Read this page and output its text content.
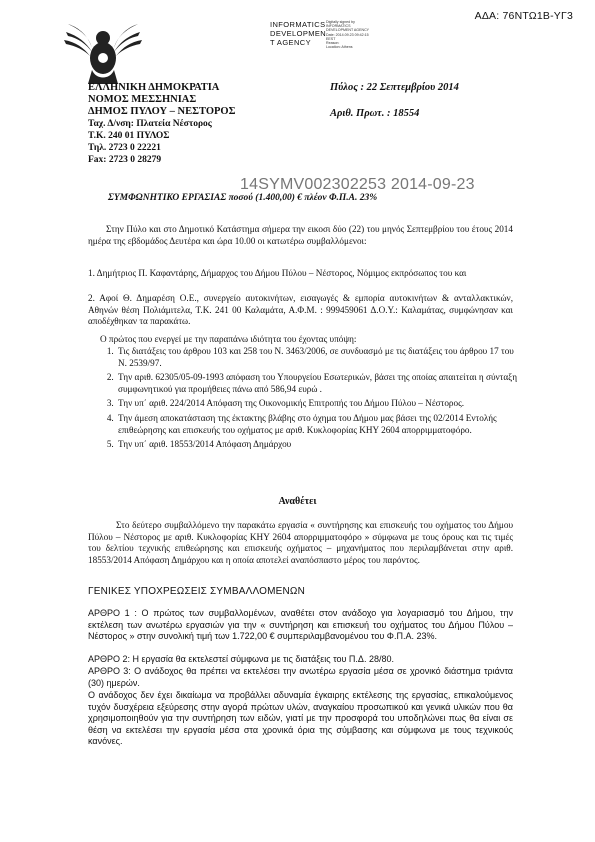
ΑΔΑ: 76ΝΤΩ1Β-ΥΓ3
INFORMATICS
DEVELOPMEN
T AGENCY
Digitally signed by
INFORMATICS
DEVELOPMENT AGENCY
Date: 2014.09.23 09:42:15
EEST
Reason:
Location: Athens
ΕΛΛΗΝΙΚΗ ΔΗΜΟΚΡΑΤΙΑ
ΝΟΜΟΣ ΜΕΣΣΗΝΙΑΣ
ΔΗΜΟΣ ΠΥΛΟΥ – ΝΕΣΤΟΡΟΣ
Ταχ. Δ/νση: Πλατεία Νέστορος
Τ.Κ. 240 01 ΠΥΛΟΣ
Τηλ. 2723 0 22221
Fax: 2723 0 28279
Πύλος : 22 Σεπτεμβρίου 2014
Αριθ. Πρωτ. : 18554
14SYMV002302253 2014-09-23
ΣΥΜΦΩΝΗΤΙΚΟ ΕΡΓΑΣΙΑΣ ποσού (1.400,00) € πλέον Φ.Π.Α. 23%
Στην Πύλο και στο Δημοτικό Κατάστημα σήμερα την εικοσι δύο (22) του μηνός Σεπτεμβρίου του έτους 2014 ημέρα της εβδομάδος Δευτέρα και ώρα 10.00 οι κατωτέρω συμβαλλόμενοι:
1. Δημήτριος Π. Καφαντάρης, Δήμαρχος του Δήμου Πύλου – Νέστορος, Νόμιμος εκπρόσωπος του και
2. Αφοί Θ. Δημαρέση Ο.Ε., συνεργείο αυτοκινήτων, εισαγωγές & εμπορία αυτοκινήτων & ανταλλακτικών, Αθηνών θέση Πολιάμιτελα, Τ.Κ. 241 00 Καλαμάτα, Α.Φ.Μ. : 999459061 Δ.Ο.Υ.: Καλαμάτας, συμφώνησαν και αποδέχθηκαν τα παρακάτω.
Ο πρώτος που ενεργεί με την παραπάνω ιδιότητα του έχοντας υπόψη:
1. Τις διατάξεις του άρθρου 103 και 258 του Ν. 3463/2006, σε συνδυασμό με τις διατάξεις του άρθρου 17 του Ν. 2539/97.
2. Την αριθ. 62305/05-09-1993 απόφαση του Υπουργείου Εσωτερικών, βάσει της οποίας απαιτείται η σύνταξη συμφωνητικού για προμήθειες πάνω από 586,94 ευρώ .
3. Την υπ΄ αριθ. 224/2014 Απόφαση της Οικονομικής Επιτροπής του Δήμου Πύλου – Νέστορος.
4. Την άμεση αποκατάσταση της έκτακτης βλάβης στο όχημα του Δήμου μας βάσει της 02/2014 Εντολής επιθεώρησης και επισκευής του οχήματος με αριθ. Κυκλοφορίας ΚΗΥ 2604 απορριμματοφόρο.
5. Την υπ΄ αριθ. 18553/2014 Απόφαση Δημάρχου
Αναθέτει
Στο δεύτερο συμβαλλόμενο την παρακάτω εργασία « συντήρησης και επισκευής του οχήματος του Δήμου Πύλου – Νέστορος με αριθ. Κυκλοφορίας ΚΗΥ 2604 απορριμματοφόρο » σύμφωνα με τους όρους και τις τιμές του δελτίου τεχνικής επιθεώρησης και επισκευής οχήματος – μηχανήματος που περιλαμβάνεται στην αριθ. 18553/2014 Απόφαση Δημάρχου και η οποία αποτελεί αναπόσπαστο μέρος του παρόντος.
ΓΕΝΙΚΕΣ ΥΠΟΧΡΕΩΣΕΙΣ ΣΥΜΒΑΛΛΟΜΕΝΩΝ
ΑΡΘΡΟ 1 : Ο πρώτος των συμβαλλομένων, αναθέτει στον ανάδοχο για λογαριασμό του Δήμου, την εκτέλεση των ανωτέρω εργασιών για την « συντήρηση και επισκευή του οχήματος του Δήμου Πύλου – Νέστορος » στην συνολική τιμή των 1.722,00 € συμπεριλαμβανομένου του Φ.Π.Α. 23%.
ΑΡΘΡΟ 2: Η εργασία θα εκτελεστεί σύμφωνα με τις διατάξεις του Π.Δ. 28/80.
ΑΡΘΡΟ 3: Ο ανάδοχος θα πρέπει να εκτελέσει την ανωτέρω εργασία μέσα σε χρονικό διάστημα τριάντα (30) ημερών.
Ο ανάδοχος δεν έχει δικαίωμα να προβάλλει αδυναμία έγκαιρης εκτέλεσης της εργασίας, επικαλούμενος τυχόν δυσχέρεια εξεύρεσης στην αγορά πρώτων υλών, αναγκαίου προσωπικού και γενικά υλικών που θα χρησιμοποιηθούν για την συντήρηση των ειδών, γιατί με την προσφορά του υποδηλώνει πως θα είναι σε θέση να εκτελέσει την εργασία μέσα στα χρονικά όρια της σύμβασης και σύμφωνα με τους τεχνικούς κανόνες.
